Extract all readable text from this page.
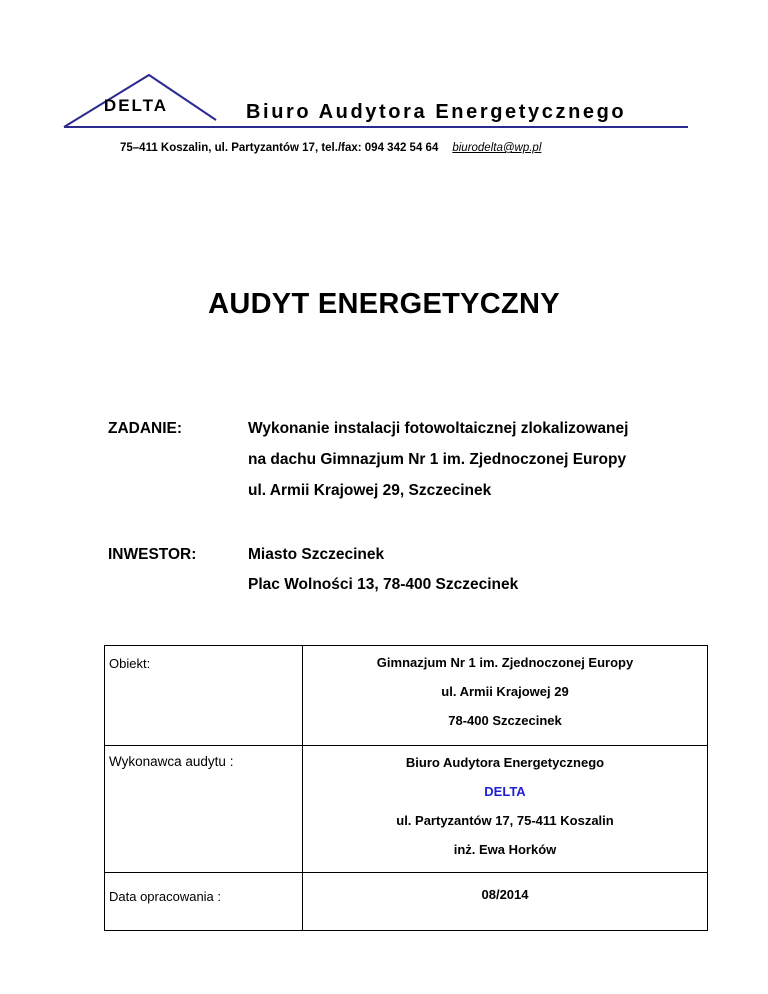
DELTA	Biuro Audytora Energetycznego
75–411 Koszalin, ul. Partyzantów 17, tel./fax: 094 342 54 64 biurodelta@wp.pl
AUDYT ENERGETYCZNY
ZADANIE:	Wykonanie instalacji fotowoltaicznej zlokalizowanej
na dachu Gimnazjum Nr 1 im. Zjednoczonej Europy
ul. Armii Krajowej 29, Szczecinek
INWESTOR:	Miasto Szczecinek
Plac Wolności 13, 78-400 Szczecinek
Obiekt:	Gimnazjum Nr 1 im. Zjednoczonej Europy
ul. Armii Krajowej 29
78-400 Szczecinek

Wykonawca audytu :	Biuro Audytora Energetycznego
DELTA
ul. Partyzantów 17, 75-411 Koszalin
inż. Ewa Horków

Data opracowania :	08/2014
